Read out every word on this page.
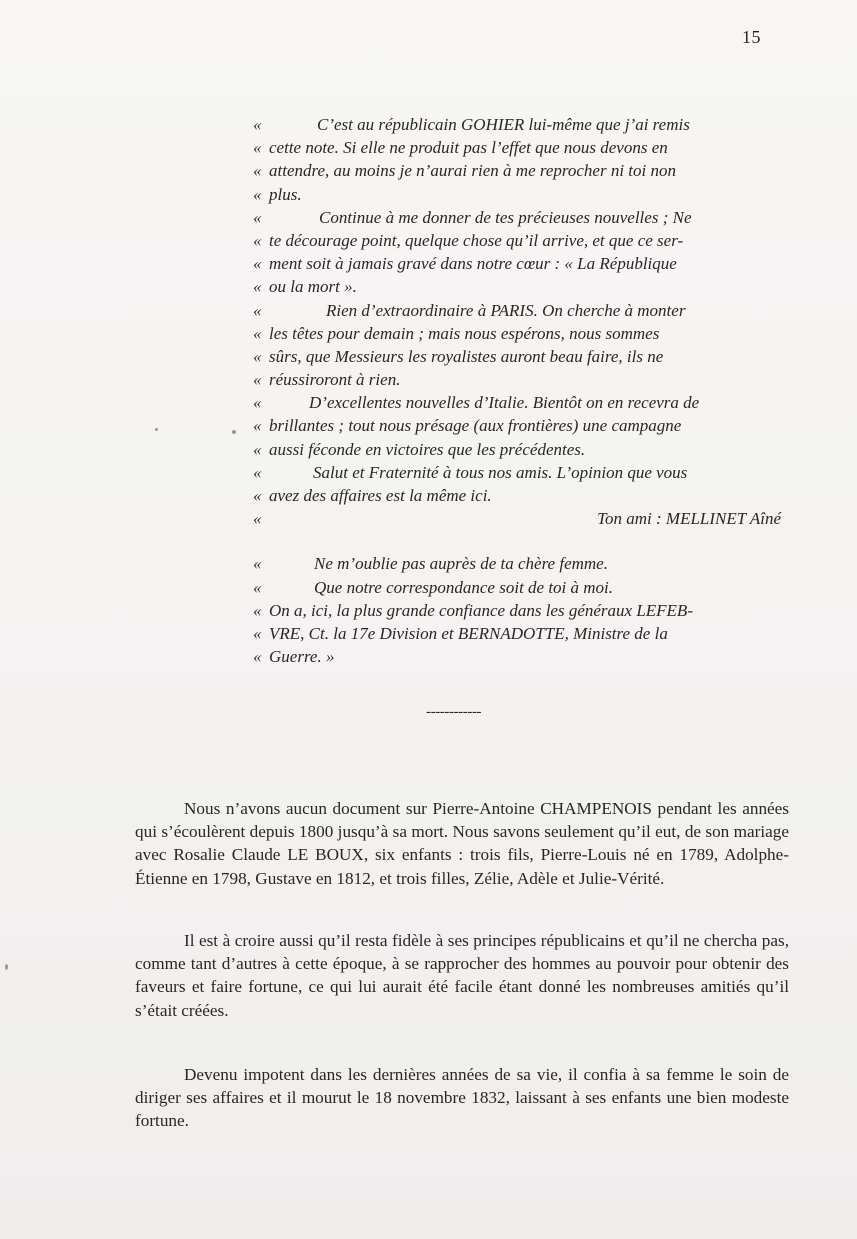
15
«	C’est au républicain GOHIER lui-même que j’ai remis
« cette note. Si elle ne produit pas l’effet que nous devons en
« attendre, au moins je n’aurai rien à me reprocher ni toi non
« plus.
«	Continue à me donner de tes précieuses nouvelles ; Ne
« te décourage point, quelque chose qu’il arrive, et que ce ser-
« ment soit à jamais gravé dans notre cœur : « La République
« ou la mort ».
«	Rien d’extraordinaire à PARIS. On cherche à monter
« les têtes pour demain ; mais nous espérons, nous sommes
« sûrs, que Messieurs les royalistes auront beau faire, ils ne
« réussiroront à rien.
«	D’excellentes nouvelles d’Italie. Bientôt on en recevra de
« brillantes ; tout nous présage (aux frontières) une campagne
« aussi féconde en victoires que les précédentes.
«	Salut et Fraternité à tous nos amis. L’opinion que vous
« avez des affaires est la même ici.
«	Ton ami : MELLINET Aîné
«	Ne m’oublie pas auprès de ta chère femme.
«	Que notre correspondance soit de toi à moi.
« On a, ici, la plus grande confiance dans les généraux LEFEB-
« VRE, Ct. la 17e Division et BERNADOTTE, Ministre de la
« Guerre. »
------------
Nous n’avons aucun document sur Pierre-Antoine CHAMPENOIS pendant les années qui s’écoulèrent depuis 1800 jusqu’à sa mort. Nous savons seulement qu’il eut, de son mariage avec Rosalie Claude LE BOUX, six enfants : trois fils, Pierre-Louis né en 1789, Adolphe-Étienne en 1798, Gustave en 1812, et trois filles, Zélie, Adèle et Julie-Vérité.
Il est à croire aussi qu’il resta fidèle à ses principes républicains et qu’il ne chercha pas, comme tant d’autres à cette époque, à se rapprocher des hommes au pouvoir pour obtenir des faveurs et faire fortune, ce qui lui aurait été facile étant donné les nombreuses amitiés qu’il s’était créées.
Devenu impotent dans les dernières années de sa vie, il confia à sa femme le soin de diriger ses affaires et il mourut le 18 novembre 1832, laissant à ses enfants une bien modeste fortune.
